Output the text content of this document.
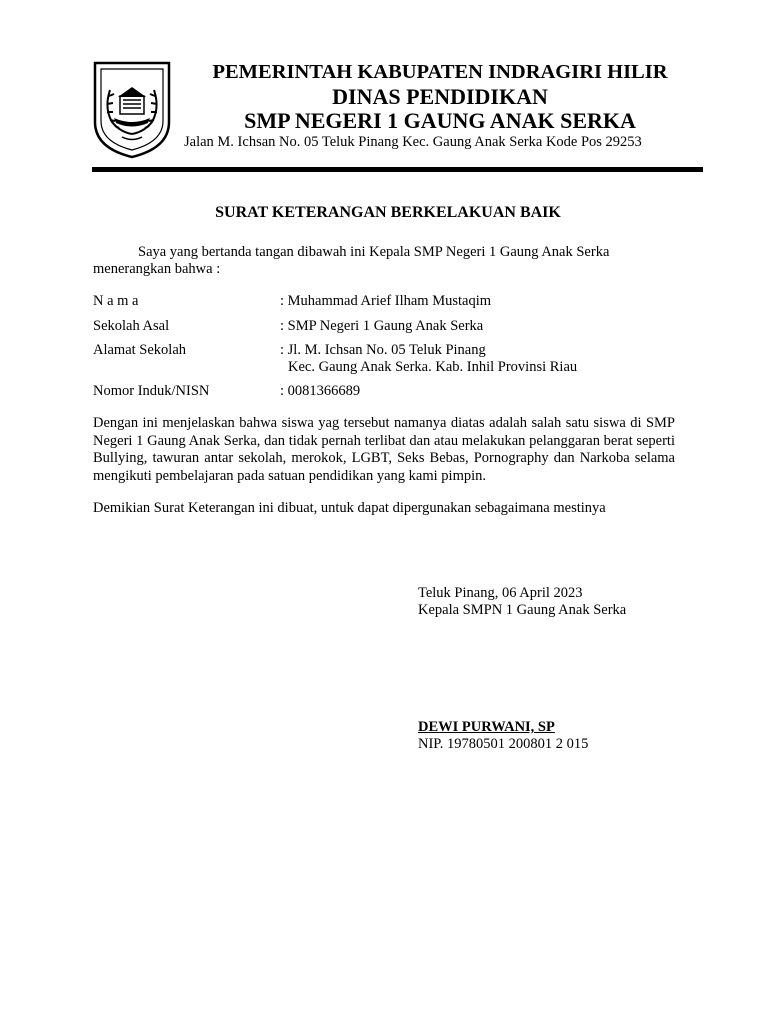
PEMERINTAH KABUPATEN INDRAGIRI HILIR
DINAS PENDIDIKAN
SMP NEGERI 1 GAUNG ANAK SERKA
Jalan M. Ichsan No. 05 Teluk Pinang Kec. Gaung Anak Serka Kode Pos 29253
SURAT KETERANGAN BERKELAKUAN BAIK
Saya yang bertanda tangan dibawah ini Kepala SMP Negeri 1 Gaung Anak Serka
menerangkan bahwa :
N a m a	: Muhammad Arief Ilham Mustaqim
Sekolah Asal	: SMP Negeri 1 Gaung Anak Serka
Alamat Sekolah	: Jl. M. Ichsan No. 05 Teluk Pinang
Kec. Gaung Anak Serka. Kab. Inhil Provinsi Riau
Nomor Induk/NISN	: 0081366689
Dengan ini menjelaskan bahwa siswa yag tersebut namanya diatas adalah salah satu siswa di SMP Negeri 1 Gaung Anak Serka, dan tidak pernah terlibat dan atau melakukan pelanggaran berat seperti Bullying, tawuran antar sekolah, merokok, LGBT, Seks Bebas, Pornography dan Narkoba selama mengikuti pembelajaran pada satuan pendidikan yang kami pimpin.
Demikian Surat Keterangan ini dibuat, untuk dapat dipergunakan sebagaimana mestinya
Teluk Pinang, 06 April 2023
Kepala SMPN 1 Gaung Anak Serka
DEWI PURWANI, SP
NIP. 19780501 200801 2 015
